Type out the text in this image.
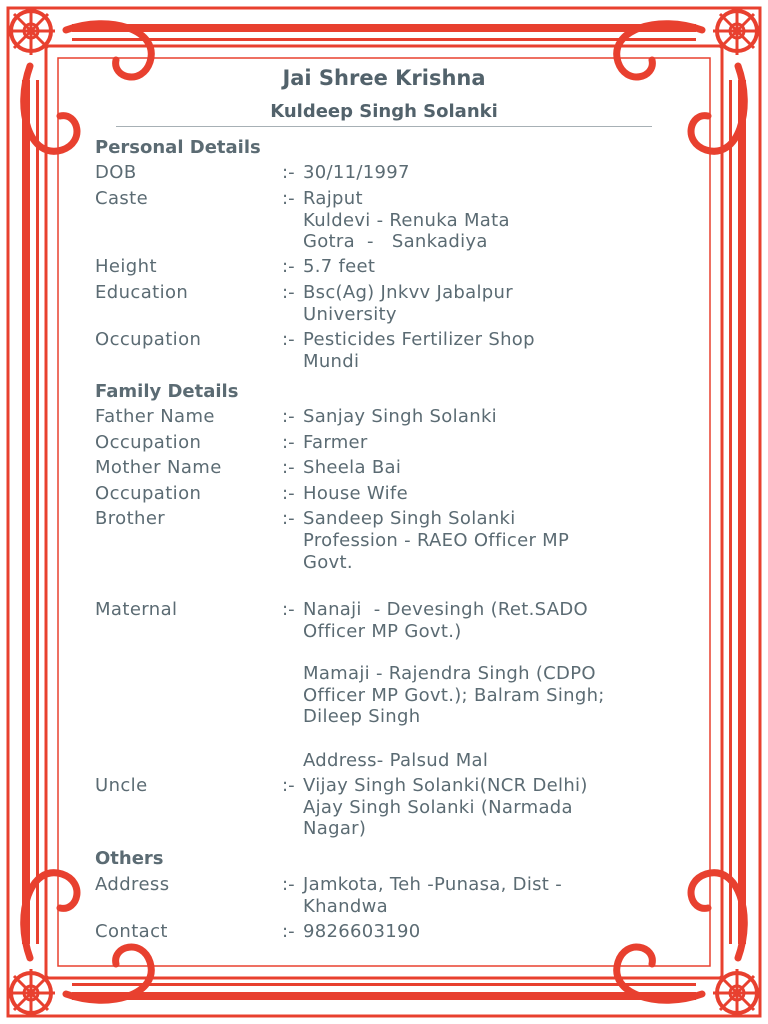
Jai Shree Krishna
Kuldeep Singh Solanki
Personal Details
DOB	:- 30/11/1997
Caste	:- Rajput
Kuldevi - Renuka Mata
Gotra  -   Sankadiya
Height	:- 5.7 feet
Education	:- Bsc(Ag) Jnkvv Jabalpur
University
Occupation	:- Pesticides Fertilizer Shop
Mundi
Family Details
Father Name	:- Sanjay Singh Solanki
Occupation	:- Farmer
Mother Name	:- Sheela Bai
Occupation	:- House Wife
Brother	:- Sandeep Singh Solanki
Profession - RAEO Officer MP
Govt.
Maternal	:- Nanaji  - Devesingh (Ret.SADO
Officer MP Govt.)
Mamaji - Rajendra Singh (CDPO
Officer MP Govt.); Balram Singh;
Dileep Singh
Address- Palsud Mal
Uncle	:- Vijay Singh Solanki(NCR Delhi)
Ajay Singh Solanki (Narmada
Nagar)
Others
Address	:- Jamkota, Teh -Punasa, Dist -
Khandwa
Contact	:- 9826603190
